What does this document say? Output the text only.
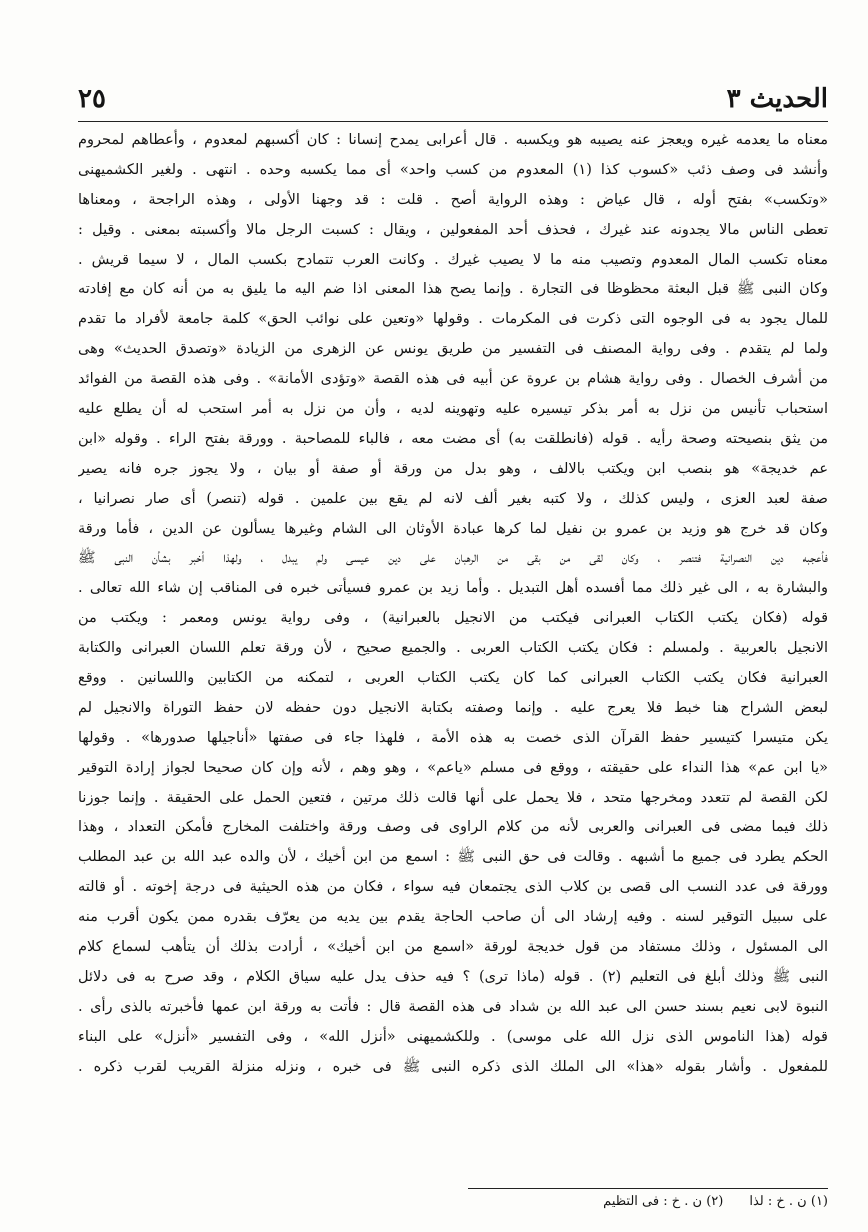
الحديث ٣
٢٥
معناه ما يعدمه غيره ويعجز عنه يصيبه هو ويكسبه . قال أعرابى يمدح إنسانا : كان أكسبهم لمعدوم ، وأعطاهم لمحروم
وأنشد فى وصف ذئب «كسوب كذا (١) المعدوم من كسب واحد» أى مما يكسبه وحده . انتهى . ولغير الكشميهنى
«وتكسب» بفتح أوله ، قال عياض : وهذه الرواية أصح . قلت : قد وجهنا الأولى ، وهذه الراجحة ، ومعناها
تعطى الناس مالا يجدونه عند غيرك ، فحذف أحد المفعولين ، ويقال : كسبت الرجل مالا وأكسبته بمعنى . وقيل :
معناه تكسب المال المعدوم وتصيب منه ما لا يصيب غيرك . وكانت العرب تتمادح بكسب المال ، لا سيما قريش .
وكان النبى ﷺ قبل البعثة محظوظا فى التجارة . وإنما يصح هذا المعنى اذا ضم اليه ما يليق به من أنه كان مع إفادته
للمال يجود به فى الوجوه التى ذكرت فى المكرمات . وقولها «وتعين على نوائب الحق» كلمة جامعة لأفراد ما تقدم
ولما لم يتقدم . وفى رواية المصنف فى التفسير من طريق يونس عن الزهرى من الزيادة «وتصدق الحديث» وهى
من أشرف الخصال . وفى رواية هشام بن عروة عن أبيه فى هذه القصة «وتؤدى الأمانة» . وفى هذه القصة من الفوائد
استحباب تأنيس من نزل به أمر بذكر تيسيره عليه وتهوينه لديه ، وأن من نزل به أمر استحب له أن يطلع عليه
من يثق بنصيحته وصحة رأيه . قوله (فانطلقت به) أى مضت معه ، فالباء للمصاحبة . وورقة بفتح الراء . وقوله «ابن
عم خديجة» هو بنصب ابن ويكتب بالالف ، وهو بدل من ورقة أو صفة أو بيان ، ولا يجوز جره فانه يصير
صفة لعبد العزى ، وليس كذلك ، ولا كتبه بغير ألف لانه لم يقع بين علمين . قوله (تنصر) أى صار نصرانيا ،
وكان قد خرج هو وزيد بن عمرو بن نفيل لما كرها عبادة الأوثان الى الشام وغيرها يسألون عن الدين ، فأما ورقة
فأعجبه دين النصرانية فتنصر ، وكان لقى من بقى من الرهبان على دين عيسى ولم يبدل ، ولهذا أخبر بشأن النبى ﷺ
والبشارة به ، الى غير ذلك مما أفسده أهل التبديل . وأما زيد بن عمرو فسيأتى خبره فى المناقب إن شاء الله تعالى .
قوله (فكان يكتب الكتاب العبرانى فيكتب من الانجيل بالعبرانية) ، وفى رواية يونس ومعمر : ويكتب من
الانجيل بالعربية . ولمسلم : فكان يكتب الكتاب العربى . والجميع صحيح ، لأن ورقة تعلم اللسان العبرانى والكتابة
العبرانية فكان يكتب الكتاب العبرانى كما كان يكتب الكتاب العربى ، لتمكنه من الكتابين واللسانين . ووقع
لبعض الشراح هنا خبط فلا يعرج عليه . وإنما وصفته بكتابة الانجيل دون حفظه لان حفظ التوراة والانجيل لم
يكن متيسرا كتيسير حفظ القرآن الذى خصت به هذه الأمة ، فلهذا جاء فى صفتها «أناجيلها صدورها» . وقولها
«يا ابن عم» هذا النداء على حقيقته ، ووقع فى مسلم «ياعم» ، وهو وهم ، لأنه وإن كان صحيحا لجواز إرادة التوقير
لكن القصة لم تتعدد ومخرجها متحد ، فلا يحمل على أنها قالت ذلك مرتين ، فتعين الحمل على الحقيقة . وإنما جوزنا
ذلك فيما مضى فى العبرانى والعربى لأنه من كلام الراوى فى وصف ورقة واختلفت المخارج فأمكن التعداد ، وهذا
الحكم يطرد فى جميع ما أشبهه . وقالت فى حق النبى ﷺ : اسمع من ابن أخيك ، لأن والده عبد الله بن عبد المطلب
وورقة فى عدد النسب الى قصى بن كلاب الذى يجتمعان فيه سواء ، فكان من هذه الحيثية فى درجة إخوته . أو قالته
على سبيل التوقير لسنه . وفيه إرشاد الى أن صاحب الحاجة يقدم بين يديه من يعرّف بقدره ممن يكون أقرب منه
الى المسئول ، وذلك مستفاد من قول خديجة لورقة «اسمع من ابن أخيك» ، أرادت بذلك أن يتأهب لسماع كلام
النبى ﷺ وذلك أبلغ فى التعليم (٢) . قوله (ماذا ترى) ؟ فيه حذف يدل عليه سياق الكلام ، وقد صرح به فى دلائل
النبوة لابى نعيم بسند حسن الى عبد الله بن شداد فى هذه القصة قال : فأتت به ورقة ابن عمها فأخبرته بالذى رأى .
قوله (هذا الناموس الذى نزل الله على موسى) . وللكشميهنى «أنزل الله» ، وفى التفسير «أنزل» على البناء
للمفعول . وأشار بقوله «هذا» الى الملك الذى ذكره النبى ﷺ فى خبره ، ونزله منزلة القريب لقرب ذكره .
(١) ن . خ : لذا(٢) ن . خ : فى التظيم
